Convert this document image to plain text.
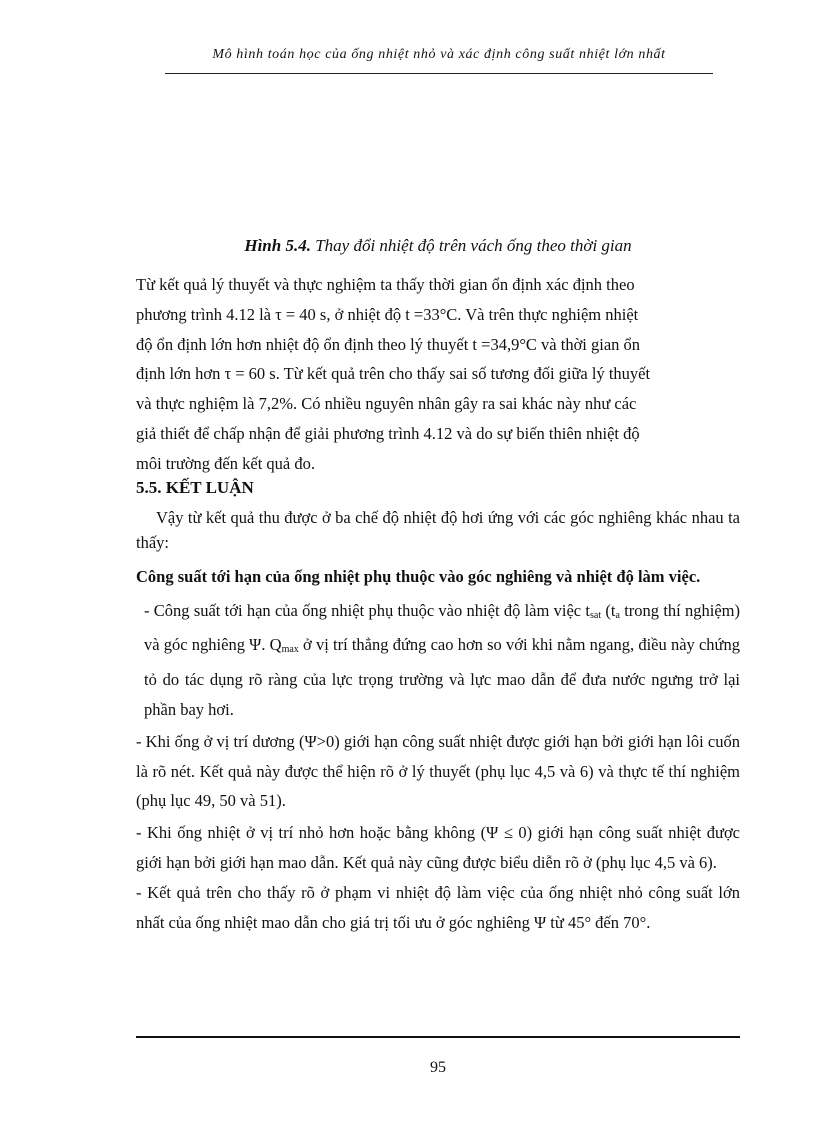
Mô hình toán học của ống nhiệt nhỏ và xác định công suất nhiệt lớn nhất
Hình 5.4. Thay đổi nhiệt độ trên vách ống theo thời gian

Từ kết quả lý thuyết và thực nghiệm ta thấy thời gian ổn định xác định theo

phương trình 4.12 là τ = 40 s, ở nhiệt độ t =33°C. Và trên thực nghiệm nhiệt

độ ổn định lớn hơn nhiệt độ ổn định theo lý thuyết t =34,9°C và thời gian ổn

định lớn hơn τ = 60 s. Từ kết quả trên cho thấy sai số tương đối giữa lý thuyết

và thực nghiệm là 7,2%. Có nhiều nguyên nhân gây ra sai khác này như các

giả thiết để chấp nhận để giải phương trình 4.12 và do sự biến thiên nhiệt độ

môi trường đến kết quả đo.

5.5. KẾT LUẬN

Vậy từ kết quả thu được ở ba chế độ nhiệt độ hơi ứng với các góc nghiêng khác nhau ta thấy:

Công suất tới hạn của ống nhiệt phụ thuộc vào góc nghiêng và nhiệt độ làm việc.

- Công suất tới hạn của ống nhiệt phụ thuộc vào nhiệt độ làm việc $t_{sat}$ ($t_a$ trong thí nghiệm) và góc nghiêng Ψ. $Q_{max}$ ở vị trí thẳng đứng cao hơn so với khi nằm ngang, điều này chứng tỏ do tác dụng rõ ràng của lực trọng trường và lực mao dẫn để đưa nước ngưng trở lại phần bay hơi.

- Khi ống ở vị trí dương (Ψ>0) giới hạn công suất nhiệt được giới hạn bởi giới hạn lôi cuốn là rõ nét. Kết quả này được thể hiện rõ ở lý thuyết (phụ lục 4,5 và 6) và thực tế thí nghiệm (phụ lục 49, 50 và 51).

- Khi ống nhiệt ở vị trí nhỏ hơn hoặc bằng không (Ψ ≤ 0) giới hạn công suất nhiệt được giới hạn bởi giới hạn mao dẫn. Kết quả này cũng được biểu diễn rõ ở (phụ lục 4,5 và 6).

- Kết quả trên cho thấy rõ ở phạm vi nhiệt độ làm việc của ống nhiệt nhỏ công suất lớn nhất của ống nhiệt mao dẫn cho giá trị tối ưu ở góc nghiêng Ψ từ 45° đến 70°.

95
